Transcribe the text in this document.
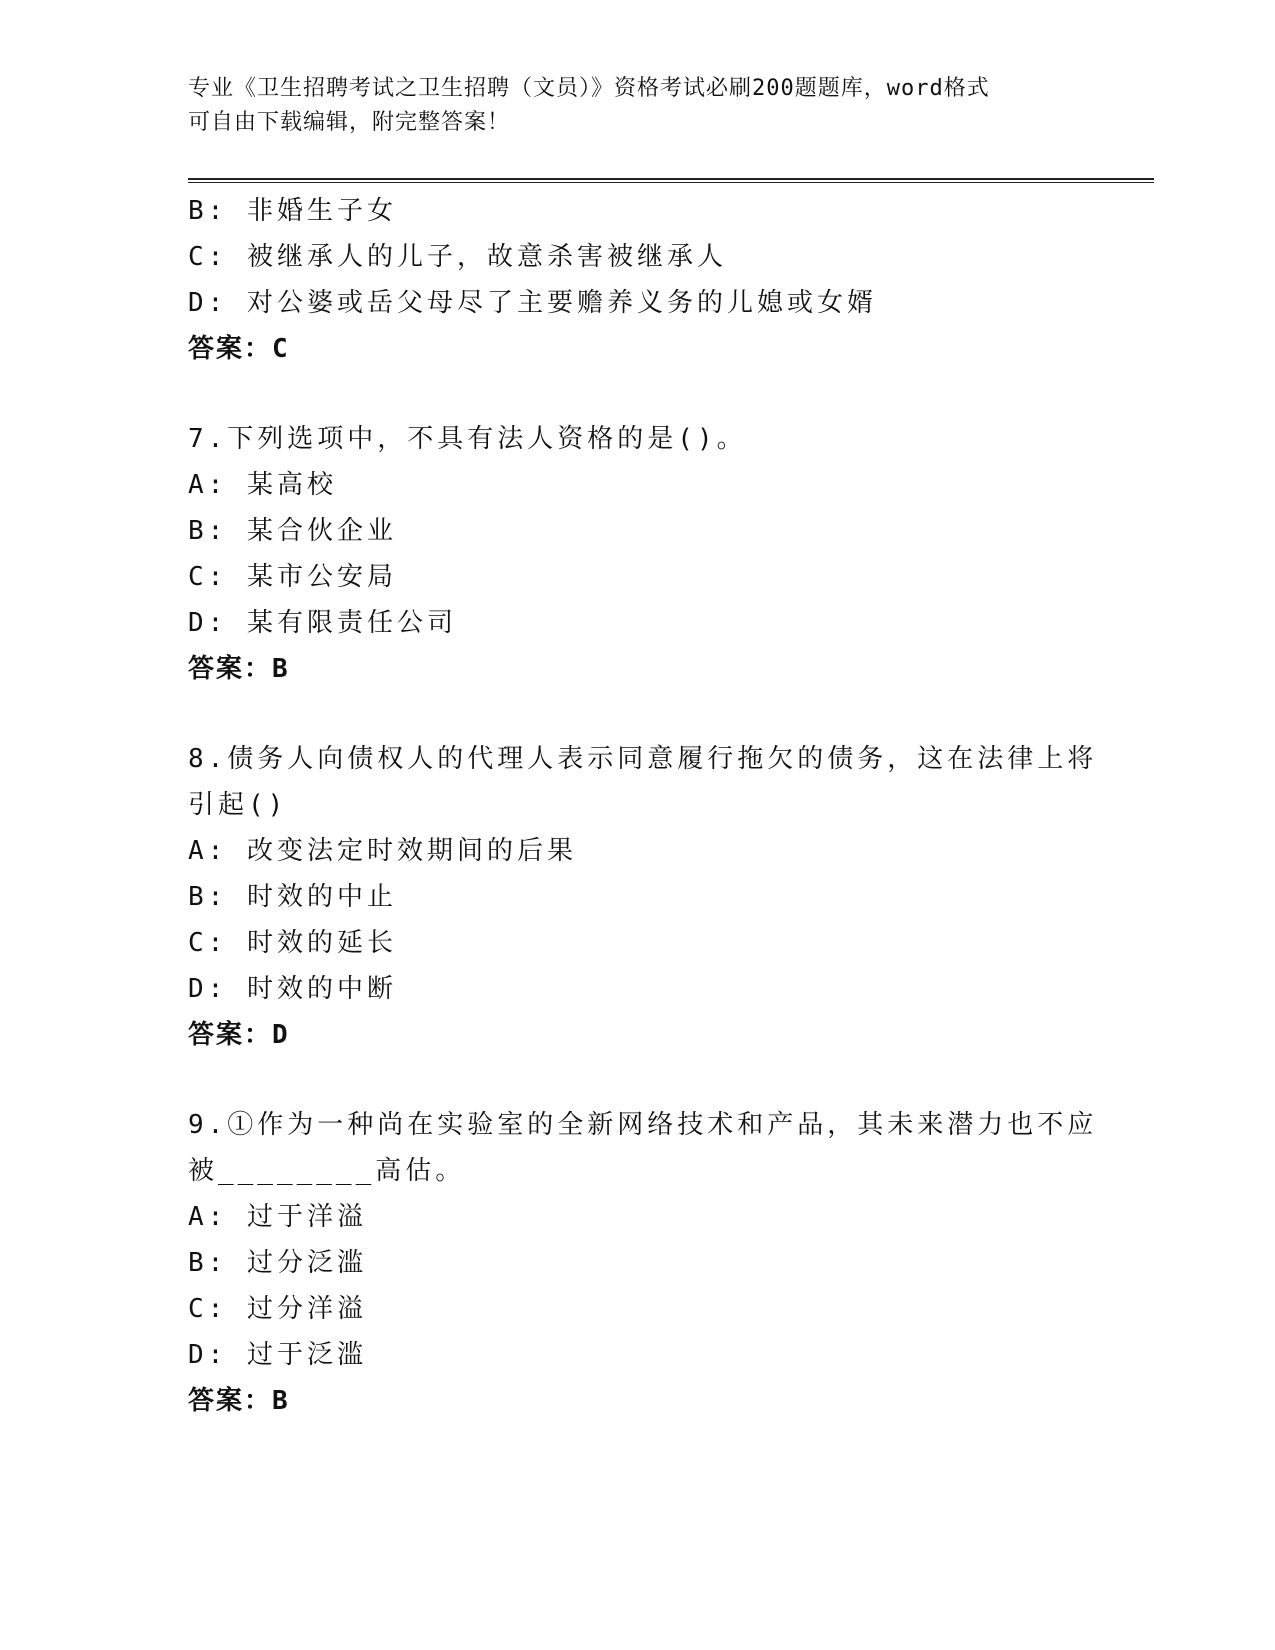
专业《卫生招聘考试之卫生招聘（文员）》资格考试必刷200题题库，word格式
可自由下载编辑，附完整答案！
B: 非婚生子女
C: 被继承人的儿子，故意杀害被继承人
D: 对公婆或岳父母尽了主要赡养义务的儿媳或女婿
答案：C
7.下列选项中，不具有法人资格的是()。
A: 某高校
B: 某合伙企业
C: 某市公安局
D: 某有限责任公司
答案：B
8.债务人向债权人的代理人表示同意履行拖欠的债务，这在法律上将
引起()
A: 改变法定时效期间的后果
B: 时效的中止
C: 时效的延长
D: 时效的中断
答案：D
9.①作为一种尚在实验室的全新网络技术和产品，其未来潜力也不应
被________高估。
A: 过于洋溢
B: 过分泛滥
C: 过分洋溢
D: 过于泛滥
答案：B
